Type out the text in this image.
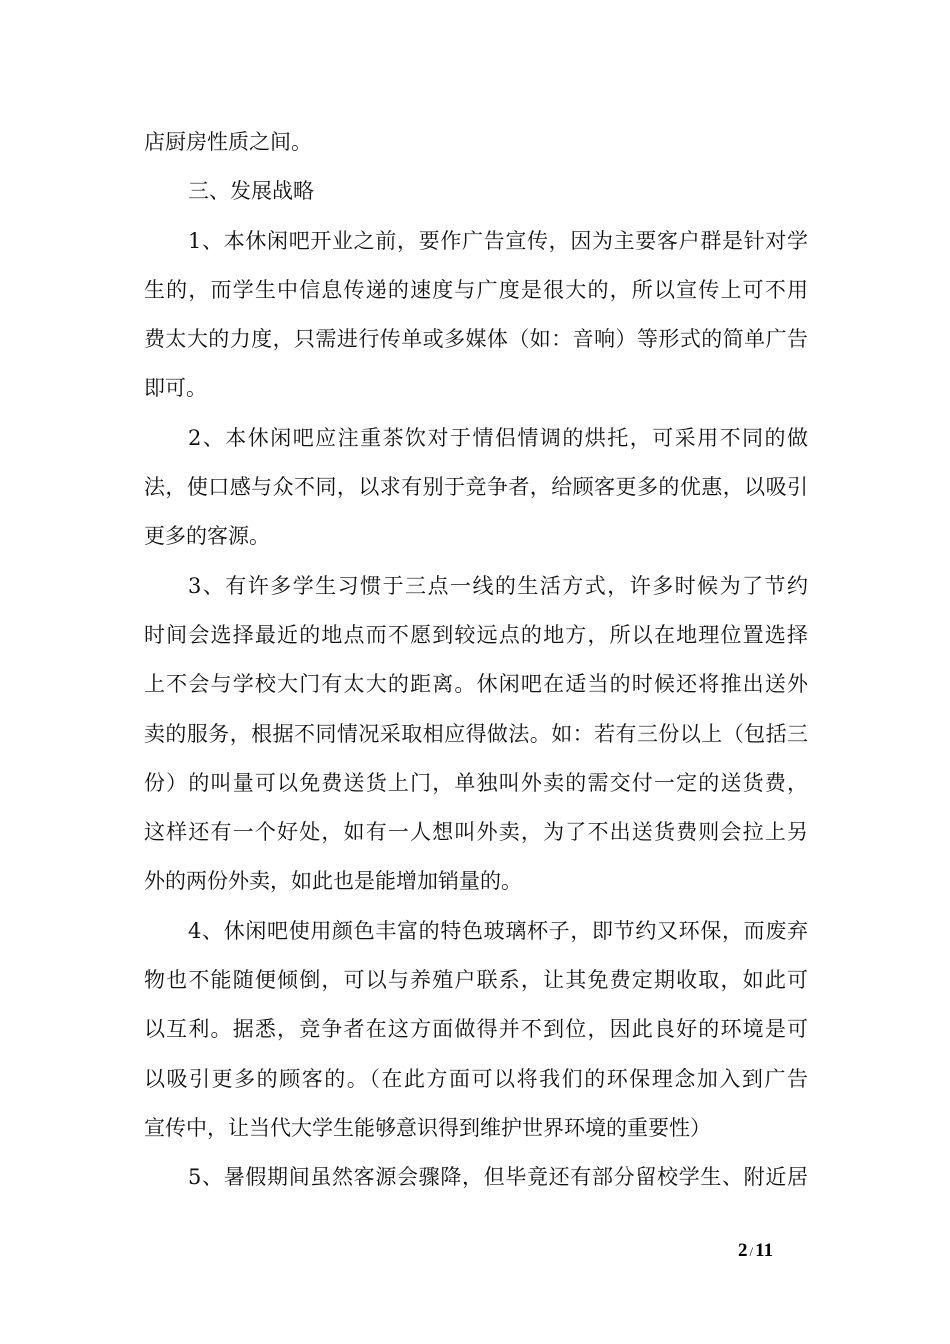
店厨房性质之间。
三、发展战略
1、本休闲吧开业之前，要作广告宣传，因为主要客户群是针对学
生的，而学生中信息传递的速度与广度是很大的，所以宣传上可不用
费太大的力度，只需进行传单或多媒体（如：音响）等形式的简单广告
即可。
2、本休闲吧应注重茶饮对于情侣情调的烘托，可采用不同的做
法，使口感与众不同，以求有别于竞争者，给顾客更多的优惠，以吸引
更多的客源。
3、有许多学生习惯于三点一线的生活方式，许多时候为了节约
时间会选择最近的地点而不愿到较远点的地方，所以在地理位置选择
上不会与学校大门有太大的距离。休闲吧在适当的时候还将推出送外
卖的服务，根据不同情况采取相应得做法。如：若有三份以上（包括三
份）的叫量可以免费送货上门，单独叫外卖的需交付一定的送货费，
这样还有一个好处，如有一人想叫外卖，为了不出送货费则会拉上另
外的两份外卖，如此也是能增加销量的。
4、休闲吧使用颜色丰富的特色玻璃杯子，即节约又环保，而废弃
物也不能随便倾倒，可以与养殖户联系，让其免费定期收取，如此可
以互利。据悉，竞争者在这方面做得并不到位，因此良好的环境是可
以吸引更多的顾客的。（在此方面可以将我们的环保理念加入到广告
宣传中，让当代大学生能够意识得到维护世界环境的重要性）
5、暑假期间虽然客源会骤降，但毕竟还有部分留校学生、附近居
2 / 11
